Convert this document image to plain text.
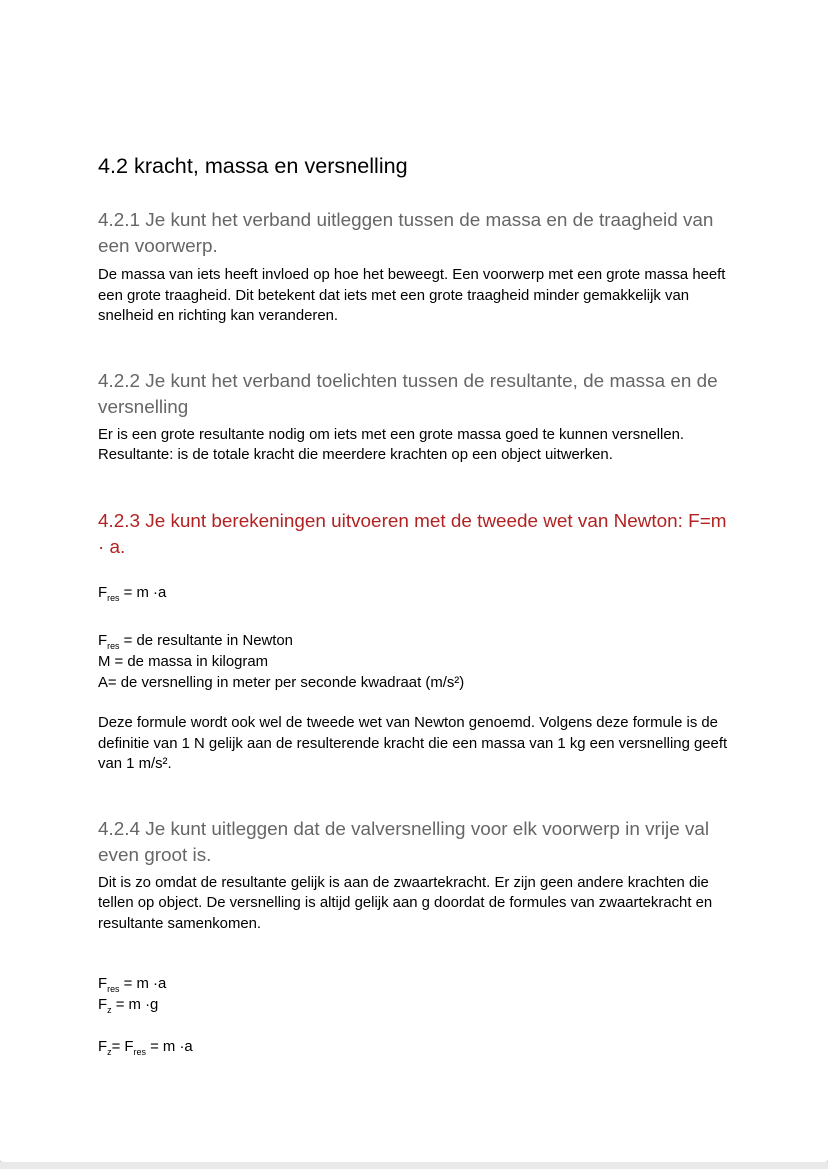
4.2 kracht, massa en versnelling
4.2.1 Je kunt het verband uitleggen tussen de massa en de traagheid van een voorwerp.

De massa van iets heeft invloed op hoe het beweegt. Een voorwerp met een grote massa heeft een grote traagheid. Dit betekent dat iets met een grote traagheid minder gemakkelijk van snelheid en richting kan veranderen.

4.2.2 Je kunt het verband toelichten tussen de resultante, de massa en de versnelling

Er is een grote resultante nodig om iets met een grote massa goed te kunnen versnellen. Resultante: is de totale kracht die meerdere krachten op een object uitwerken.

4.2.3 Je kunt berekeningen uitvoeren met de tweede wet van Newton: F=m · a.

$F_{res} = m \cdot a$

$F_{res}$ = de resultante in Newton

M = de massa in kilogram

A= de versnelling in meter per seconde kwadraat (m/s²)

Deze formule wordt ook wel de tweede wet van Newton genoemd. Volgens deze formule is de definitie van 1 N gelijk aan de resulterende kracht die een massa van 1 kg een versnelling geeft van 1 m/s².

4.2.4 Je kunt uitleggen dat de valversnelling voor elk voorwerp in vrije val even groot is.

Dit is zo omdat de resultante gelijk is aan de zwaartekracht. Er zijn geen andere krachten die tellen op object. De versnelling is altijd gelijk aan g doordat de formules van zwaartekracht en resultante samenkomen.

$F_{res} = m \cdot a$

$F_z = m \cdot g$

$F_z= F_{res} = m \cdot a$
